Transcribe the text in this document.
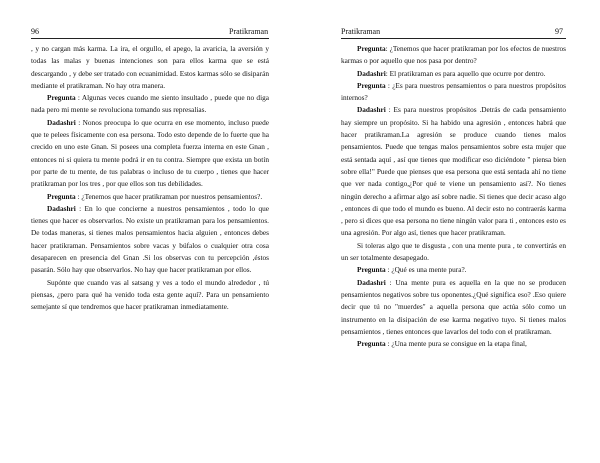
96	Pratikraman

, y no cargan más karma. La ira, el orgullo, el apego, la avaricia, la aversión y todas las malas y buenas intenciones son para ellos karma que se está descargando , y debe ser tratado con ecuanimidad. Estos karmas sólo se disiparán mediante el pratikraman. No hay otra manera.

Pregunta : Algunas veces cuando me siento insultado , puede que no diga nada pero mi mente se revoluciona tomando sus represalias.

Dadashri : Nonos preocupa lo que ocurra en ese momento, incluso puede que te pelees físicamente con esa persona. Todo esto depende de lo fuerte que ha crecido en uno este Gnan. Si posees una completa fuerza interna en este Gnan , entonces ni si quiera tu mente podrá ir en tu contra. Siempre que exista un botín por parte de tu mente, de tus palabras o incluso de tu cuerpo , tienes que hacer pratikraman por los tres , por que ellos son tus debilidades.

Pregunta : ¿Tenemos que hacer pratikraman por nuestros pensamientos?.

Dadashri : En lo que concierne a nuestros pensamientos , todo lo que tienes que hacer es observarlos. No existe un pratikraman para los pensamientos. De todas maneras, si tienes malos pensamientos hacia alguien , entonces debes hacer pratikraman. Pensamientos sobre vacas y búfalos o cualquier otra cosa desaparecen en presencia del Gnan .Si los observas con tu percepción ,éstos pasarán. Sólo hay que observarlos. No hay que hacer pratikraman por ellos.

Supónte que cuando vas al satsang y ves a todo el mundo alrededor , tú piensas, ¿pero para qué ha venido toda esta gente aquí?. Para un pensamiento semejante sí que tendremos que hacer pratikraman inmediatamente.

Pratikraman	97

Pregunta: ¿Tenemos que hacer pratikraman por los efectos de nuestros karmas o por aquello que nos pasa por dentro?

Dadashri: El pratikraman es para aquello que ocurre por dentro.

Pregunta : ¿Es para nuestros pensamientos o para nuestros propósitos internos?

Dadashri : Es para nuestros propósitos .Detrás de cada pensamiento hay siempre un propósito. Si ha habido una agresión , entonces habrá que hacer pratikraman.La agresión se produce cuando tienes malos pensamientos. Puede que tengas malos pensamientos sobre esta mujer que está sentada aquí , así que tienes que modificar eso diciéndote " piensa bien sobre ella!" Puede que pienses que esa persona que está sentada ahí no tiene que ver nada contigo,¿Por qué te viene un pensamiento así?. No tienes ningún derecho a afirmar algo así sobre nadie. Si tienes que decir acaso algo , entonces di que todo el mundo es bueno. Al decir esto no contraerás karma , pero si dices que esa persona no tiene ningún valor para ti , entonces esto es una agresión. Por algo así, tienes que hacer pratikraman.

Si toleras algo que te disgusta , con una mente pura , te convertirás en un ser totalmente desapegado.

Pregunta : ¿Qué es una mente pura?.

Dadashri : Una mente pura es aquella en la que no se producen pensamientos negativos sobre tus oponentes.¿Qué significa eso? .Eso quiere decir que tú no "muerdes" a aquella persona que actúa sólo como un instrumento en la disipación de ese karma negativo tuyo. Si tienes malos pensamientos , tienes entonces que lavarlos del todo con el pratikraman.

Pregunta : ¿Una mente pura se consigue en la etapa final,
